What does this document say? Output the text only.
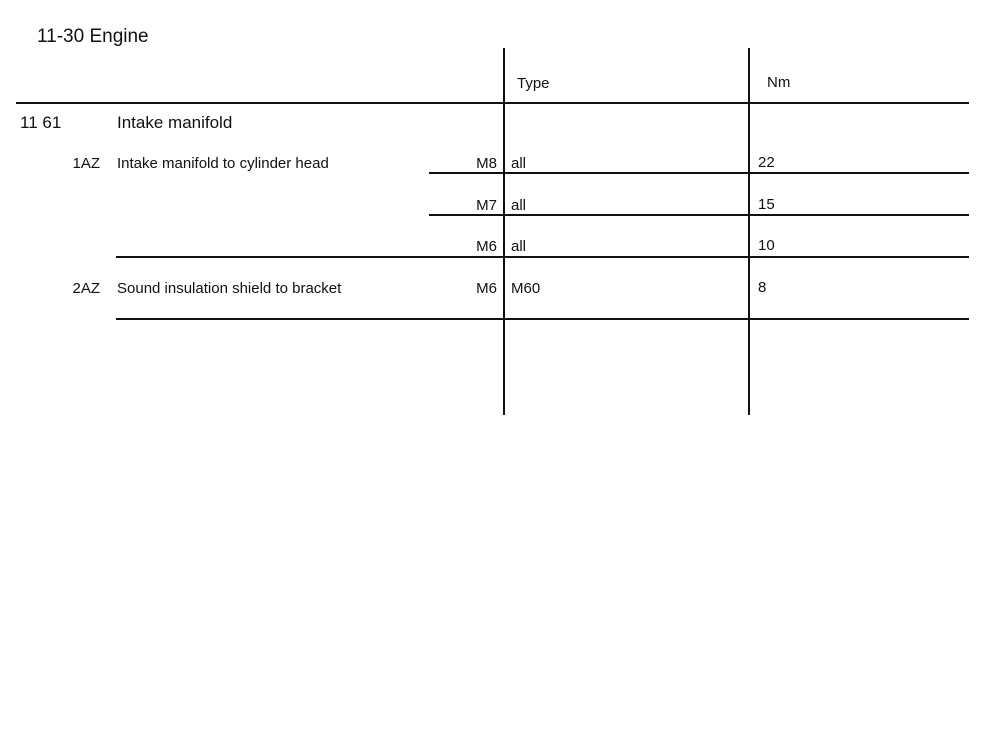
11-30 Engine
Type	Nm
11 61	Intake manifold
1AZ Intake manifold to cylinder head	M8 all	22
M7 all	15
M6 all	10
2AZ Sound insulation shield to bracket	M6 M60	8
